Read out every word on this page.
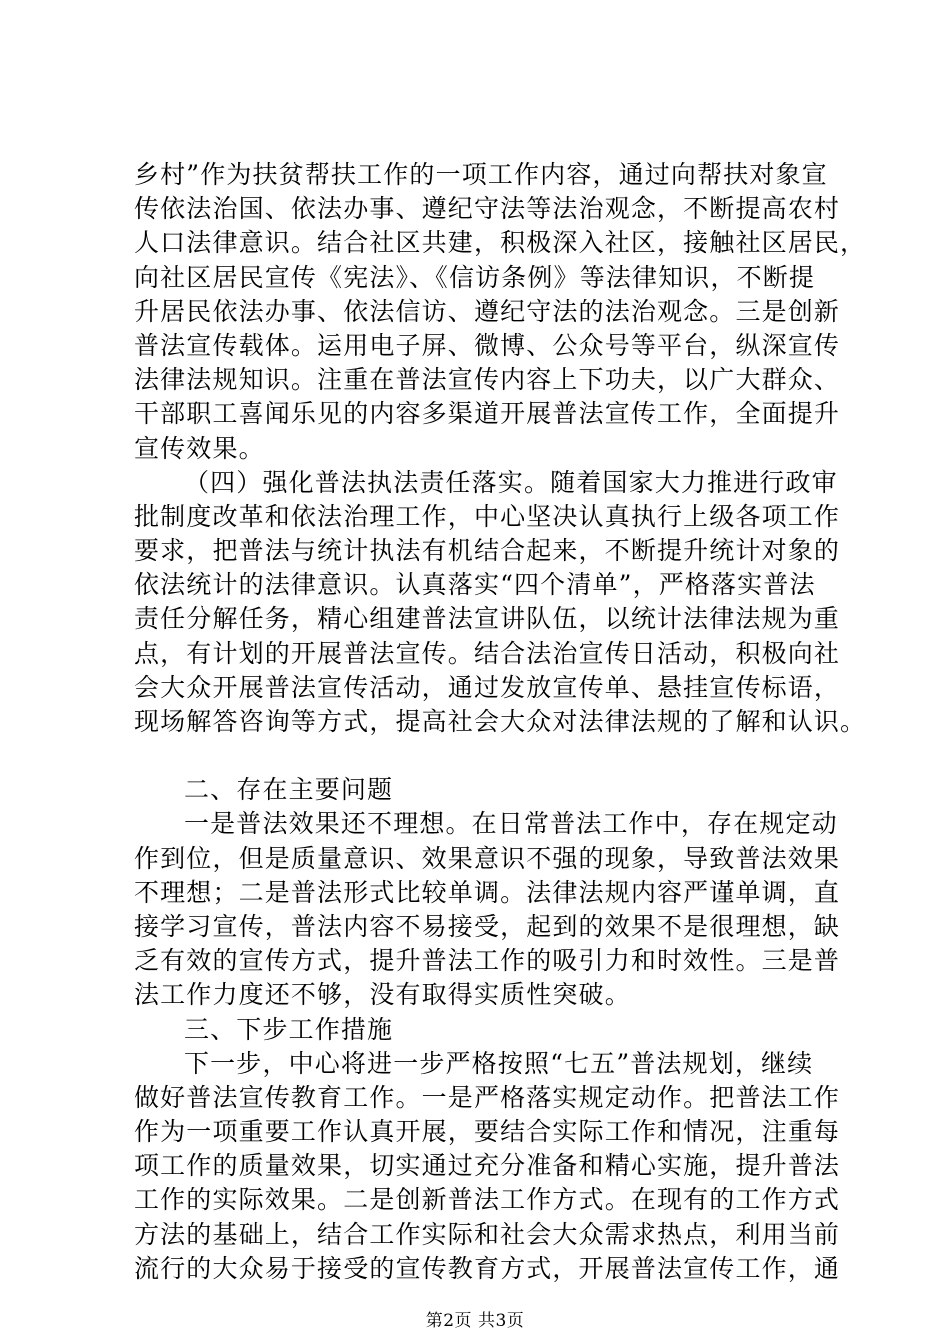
乡村”作为扶贫帮扶工作的一项工作内容，通过向帮扶对象宣
传依法治国、依法办事、遵纪守法等法治观念，不断提高农村
人口法律意识。结合社区共建，积极深入社区，接触社区居民，
向社区居民宣传《宪法》、《信访条例》等法律知识，不断提
升居民依法办事、依法信访、遵纪守法的法治观念。三是创新
普法宣传载体。运用电子屏、微博、公众号等平台，纵深宣传
法律法规知识。注重在普法宣传内容上下功夫，以广大群众、
干部职工喜闻乐见的内容多渠道开展普法宣传工作，全面提升
宣传效果。
（四）强化普法执法责任落实。随着国家大力推进行政审
批制度改革和依法治理工作，中心坚决认真执行上级各项工作
要求，把普法与统计执法有机结合起来，不断提升统计对象的
依法统计的法律意识。认真落实“四个清单”，严格落实普法
责任分解任务，精心组建普法宣讲队伍，以统计法律法规为重
点，有计划的开展普法宣传。结合法治宣传日活动，积极向社
会大众开展普法宣传活动，通过发放宣传单、悬挂宣传标语，
现场解答咨询等方式，提高社会大众对法律法规的了解和认识。
二、存在主要问题
一是普法效果还不理想。在日常普法工作中，存在规定动
作到位，但是质量意识、效果意识不强的现象，导致普法效果
不理想；二是普法形式比较单调。法律法规内容严谨单调，直
接学习宣传，普法内容不易接受，起到的效果不是很理想，缺
乏有效的宣传方式，提升普法工作的吸引力和时效性。三是普
法工作力度还不够，没有取得实质性突破。
三、下步工作措施
下一步，中心将进一步严格按照“七五”普法规划，继续
做好普法宣传教育工作。一是严格落实规定动作。把普法工作
作为一项重要工作认真开展，要结合实际工作和情况，注重每
项工作的质量效果，切实通过充分准备和精心实施，提升普法
工作的实际效果。二是创新普法工作方式。在现有的工作方式
方法的基础上，结合工作实际和社会大众需求热点，利用当前
流行的大众易于接受的宣传教育方式，开展普法宣传工作，通
第2页 共3页
